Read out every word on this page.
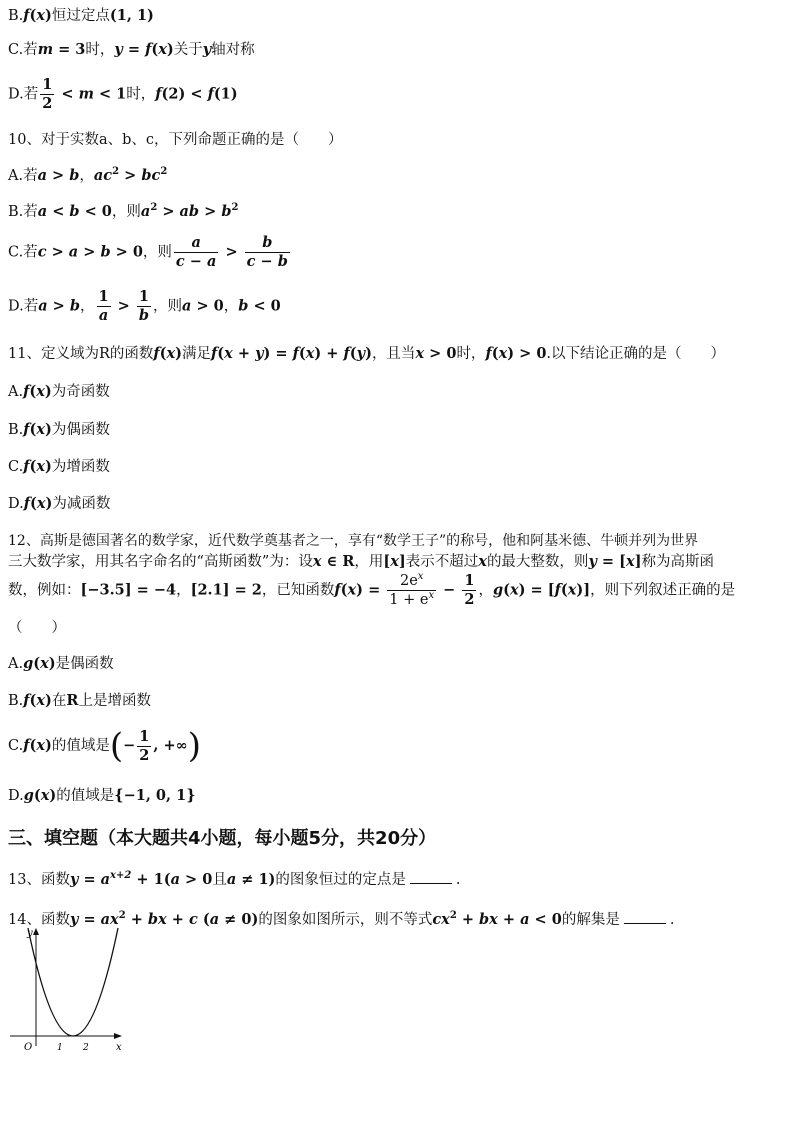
B.f(x)恒过定点(1, 1)
C.若m = 3时，y = f(x)关于y轴对称
D.若 $\frac{1}{2} < m < 1$时，f(2) < f(1)
10、对于实数a、b、c，下列命题正确的是（　　）
A.若a > b，$ac^2 > bc^2$
B.若a < b < 0，则$a^2$ > ab > $b^2$
C.若c > a > b > 0，则 $\frac{a}{c - a} > \frac{b}{c - b}$
D.若a > b， $\frac{1}{a} > \frac{1}{b}$ ，则a > 0，b < 0
11、定义域为R的函数f(x)满足f(x + y) = f(x) + f(y)，且当x > 0时，f(x) > 0.以下结论正确的是（　　）
A.f(x)为奇函数
B.f(x)为偶函数
C.f(x)为增函数
D.f(x)为减函数
12、高斯是德国著名的数学家，近代数学奠基者之一，享有“数学王子”的称号，他和阿基米德、牛顿并列为世界
三大数学家，用其名字命名的“高斯函数”为：设x ∈ R，用[x]表示不超过x的最大整数，则y = [x]称为高斯函
数，例如：[−3.5] = −4，[2.1] = 2，已知函数$f(x) = \frac{2e^x}{1 + e^x} - \frac{1}{2}$ ，g(x) = [f(x)]，则下列叙述正确的是
（　　）
A.g(x)是偶函数
B.f(x)在R上是增函数
C.f(x)的值域是(− $\frac{1}{2}$ , +∞)
D.g(x)的值域是{−1, 0, 1}
三、填空题（本大题共4小题，每小题5分，共20分）
13、函数$y = a^{x+2} + 1(a > 0$且a ≠ 1)的图象恒过的定点是	.
14、函数$y = ax^2$ + bx + c (a ≠ 0)的图象如图所示，则不等式$cx^2$ + bx + a < 0的解集是	.
y
x
O	1 2
